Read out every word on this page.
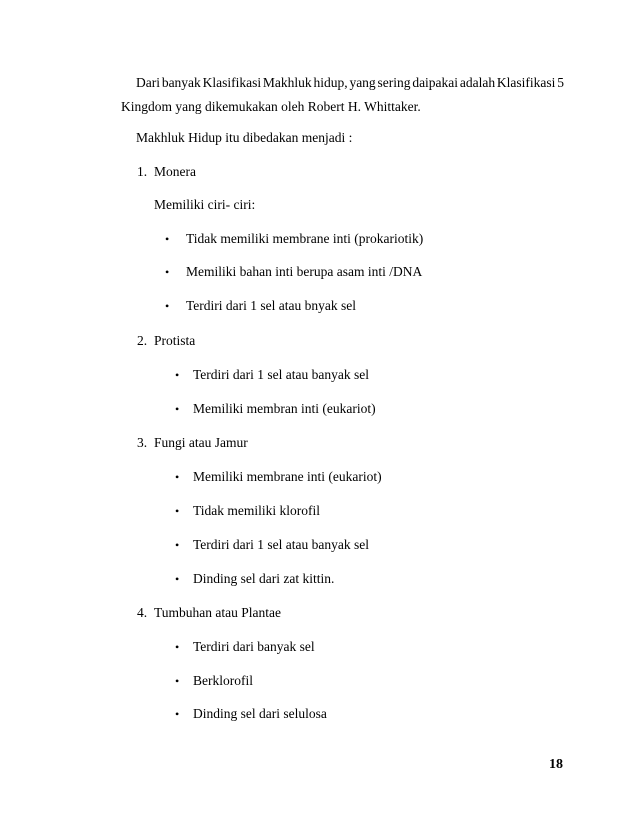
Dari banyak Klasifikasi Makhluk hidup, yang sering daipakai adalah Klasifikasi 5
Kingdom yang dikemukakan oleh Robert H. Whittaker.
Makhluk Hidup itu dibedakan menjadi :
1. Monera
Memiliki ciri- ciri:
• Tidak memiliki membrane inti (prokariotik)
• Memiliki bahan inti berupa asam inti /DNA
• Terdiri dari 1 sel atau bnyak sel
2. Protista
• Terdiri dari 1 sel atau banyak sel
• Memiliki membran inti (eukariot)
3. Fungi atau Jamur
• Memiliki membrane inti (eukariot)
• Tidak memiliki klorofil
• Terdiri dari 1 sel atau banyak sel
• Dinding sel dari zat kittin.
4. Tumbuhan atau Plantae
• Terdiri dari banyak sel
• Berklorofil
• Dinding sel dari selulosa
18
